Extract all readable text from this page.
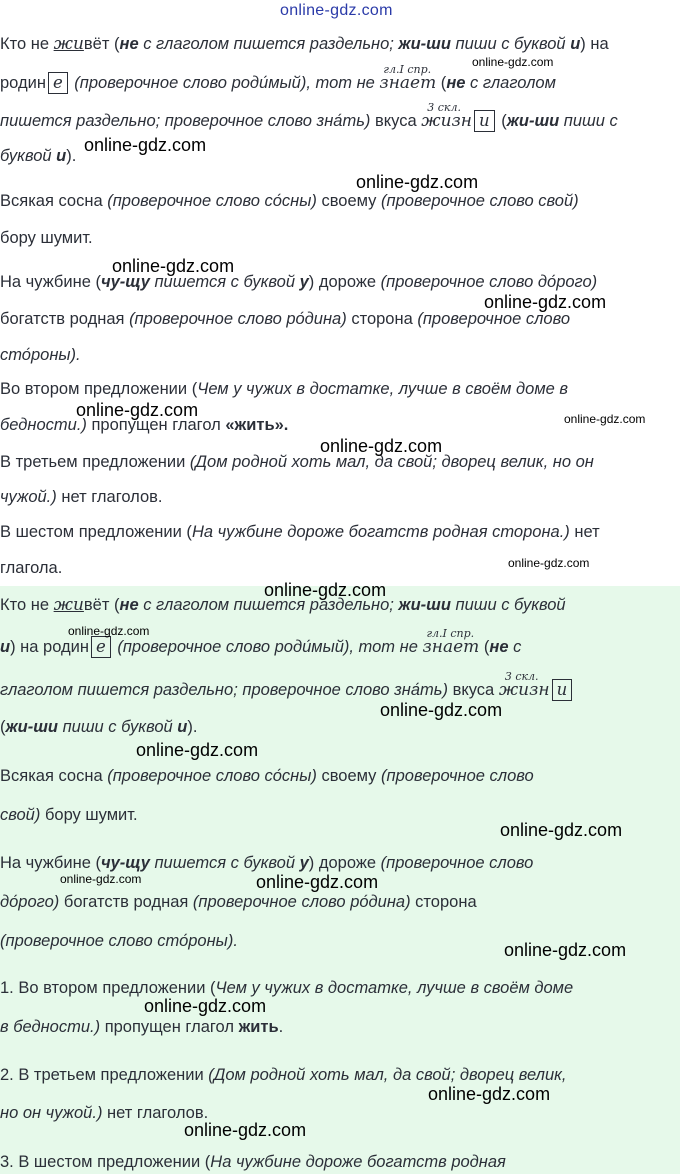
online-gdz.com
Кто не живёт (не с глаголом пишется раздельно; жи-ши пиши с буквой и) на
родин е (проверочное слово роди́мый), тот не
гл.I спр.
знает (не с глаголом
пишется раздельно; проверочное слово зна́ть) вкуса
3 скл.
жизн и (жи-ши пиши с
буквой и).
Всякая сосна (проверочное слово со́сны) своему (проверочное слово свой)
бору шумит.
На чужбине (чу-щу пишется с буквой у) дороже (проверочное слово до́рого)
богатств родная (проверочное слово ро́дина) сторона (проверочное слово
сто́роны).
Во втором предложении (Чем у чужих в достатке, лучше в своём доме в
бедности.) пропущен глагол «жить».
В третьем предложении (Дом родной хоть мал, да свой; дворец велик, но он
чужой.) нет глаголов.
В шестом предложении (На чужбине дороже богатств родная сторона.) нет
глагола.
Кто не живёт (не с глаголом пишется раздельно; жи-ши пиши с буквой
и) на родин е (проверочное слово роди́мый), тот не
гл.I спр.
знает (не с
глаголом пишется раздельно; проверочное слово зна́ть) вкуса
3 скл.
жизн и
(жи-ши пиши с буквой и).
Всякая сосна (проверочное слово со́сны) своему (проверочное слово
свой) бору шумит.
На чужбине (чу-щу пишется с буквой у) дороже (проверочное слово
до́рого) богатств родная (проверочное слово ро́дина) сторона
(проверочное слово сто́роны).
1. Во втором предложении (Чем у чужих в достатке, лучше в своём доме
в бедности.) пропущен глагол жить.
2. В третьем предложении (Дом родной хоть мал, да свой; дворец велик,
но он чужой.) нет глаголов.
3. В шестом предложении (На чужбине дороже богатств родная
online-gdz.com
online-gdz.com
online-gdz.com
online-gdz.com
online-gdz.com
online-gdz.com	online-gdz.com
online-gdz.com
online-gdz.com
online-gdz.com
online-gdz.com
online-gdz.com
online-gdz.com
online-gdz.com
online-gdz.com	online-gdz.com
online-gdz.com
online-gdz.com
online-gdz.com
online-gdz.com
